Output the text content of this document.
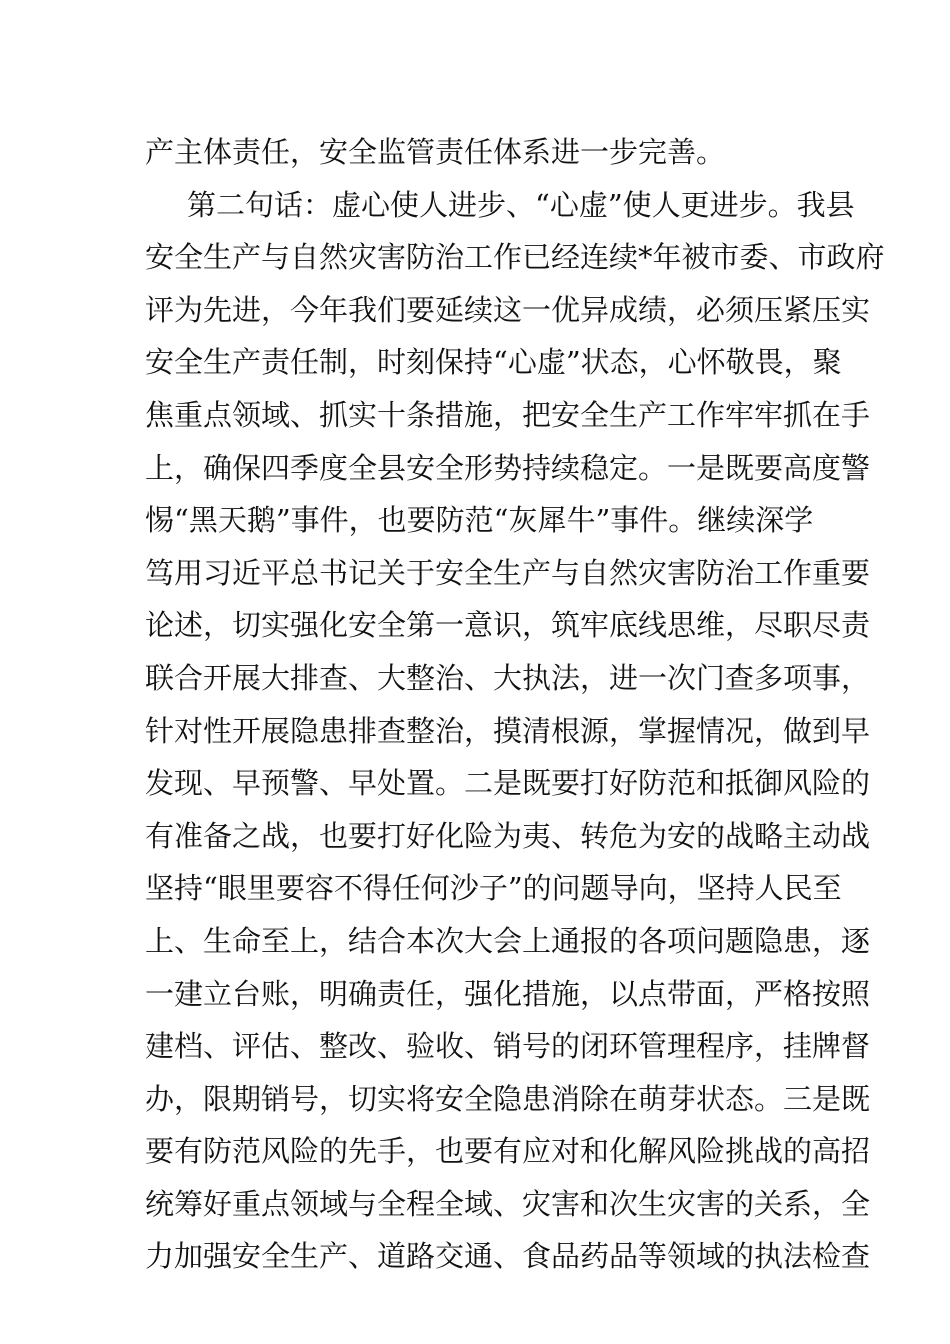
产主体责任，安全监管责任体系进一步完善。
第二句话：虚心使人进步、“心虚”使人更进步。我县
安全生产与自然灾害防治工作已经连续*年被市委、市政府
评为先进，今年我们要延续这一优异成绩，必须压紧压实
安全生产责任制，时刻保持“心虚”状态，心怀敬畏，聚
焦重点领域、抓实十条措施，把安全生产工作牢牢抓在手
上，确保四季度全县安全形势持续稳定。一是既要高度警
惕“黑天鹅”事件，也要防范“灰犀牛”事件。继续深学
笃用习近平总书记关于安全生产与自然灾害防治工作重要
论述，切实强化安全第一意识，筑牢底线思维，尽职尽责
联合开展大排查、大整治、大执法，进一次门查多项事，
针对性开展隐患排查整治，摸清根源，掌握情况，做到早
发现、早预警、早处置。二是既要打好防范和抵御风险的
有准备之战，也要打好化险为夷、转危为安的战略主动战
坚持“眼里要容不得任何沙子”的问题导向，坚持人民至
上、生命至上，结合本次大会上通报的各项问题隐患，逐
一建立台账，明确责任，强化措施，以点带面，严格按照
建档、评估、整改、验收、销号的闭环管理程序，挂牌督
办，限期销号，切实将安全隐患消除在萌芽状态。三是既
要有防范风险的先手，也要有应对和化解风险挑战的高招
统筹好重点领域与全程全域、灾害和次生灾害的关系，全
力加强安全生产、道路交通、食品药品等领域的执法检查
